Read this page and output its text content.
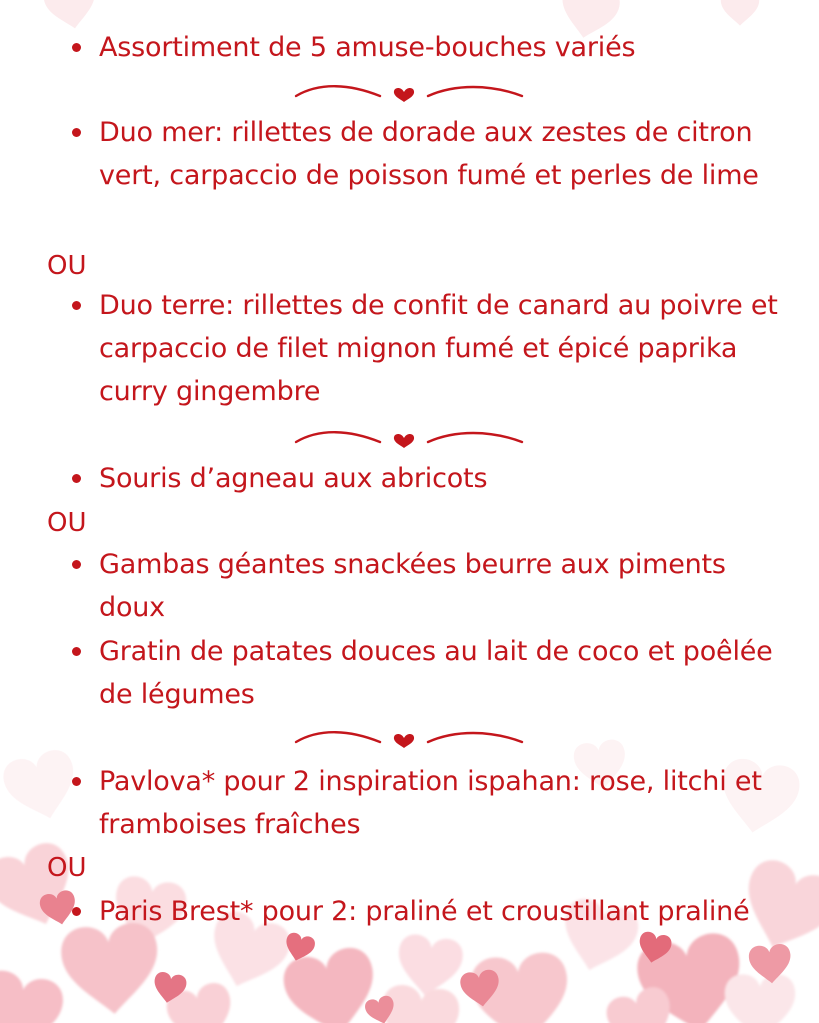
Assortiment de 5 amuse-bouches variés
Duo mer: rillettes de dorade aux zestes de citron vert, carpaccio de poisson fumé et perles de lime
OU
Duo terre: rillettes de confit de canard au poivre et carpaccio de filet mignon fumé et épicé paprika curry gingembre
Souris d’agneau aux abricots
OU
Gambas géantes snackées beurre aux piments doux
Gratin de patates douces au lait de coco et poêlée de légumes
Pavlova* pour 2 inspiration ispahan: rose, litchi et framboises fraîches
OU
Paris Brest* pour 2: praliné et croustillant praliné
